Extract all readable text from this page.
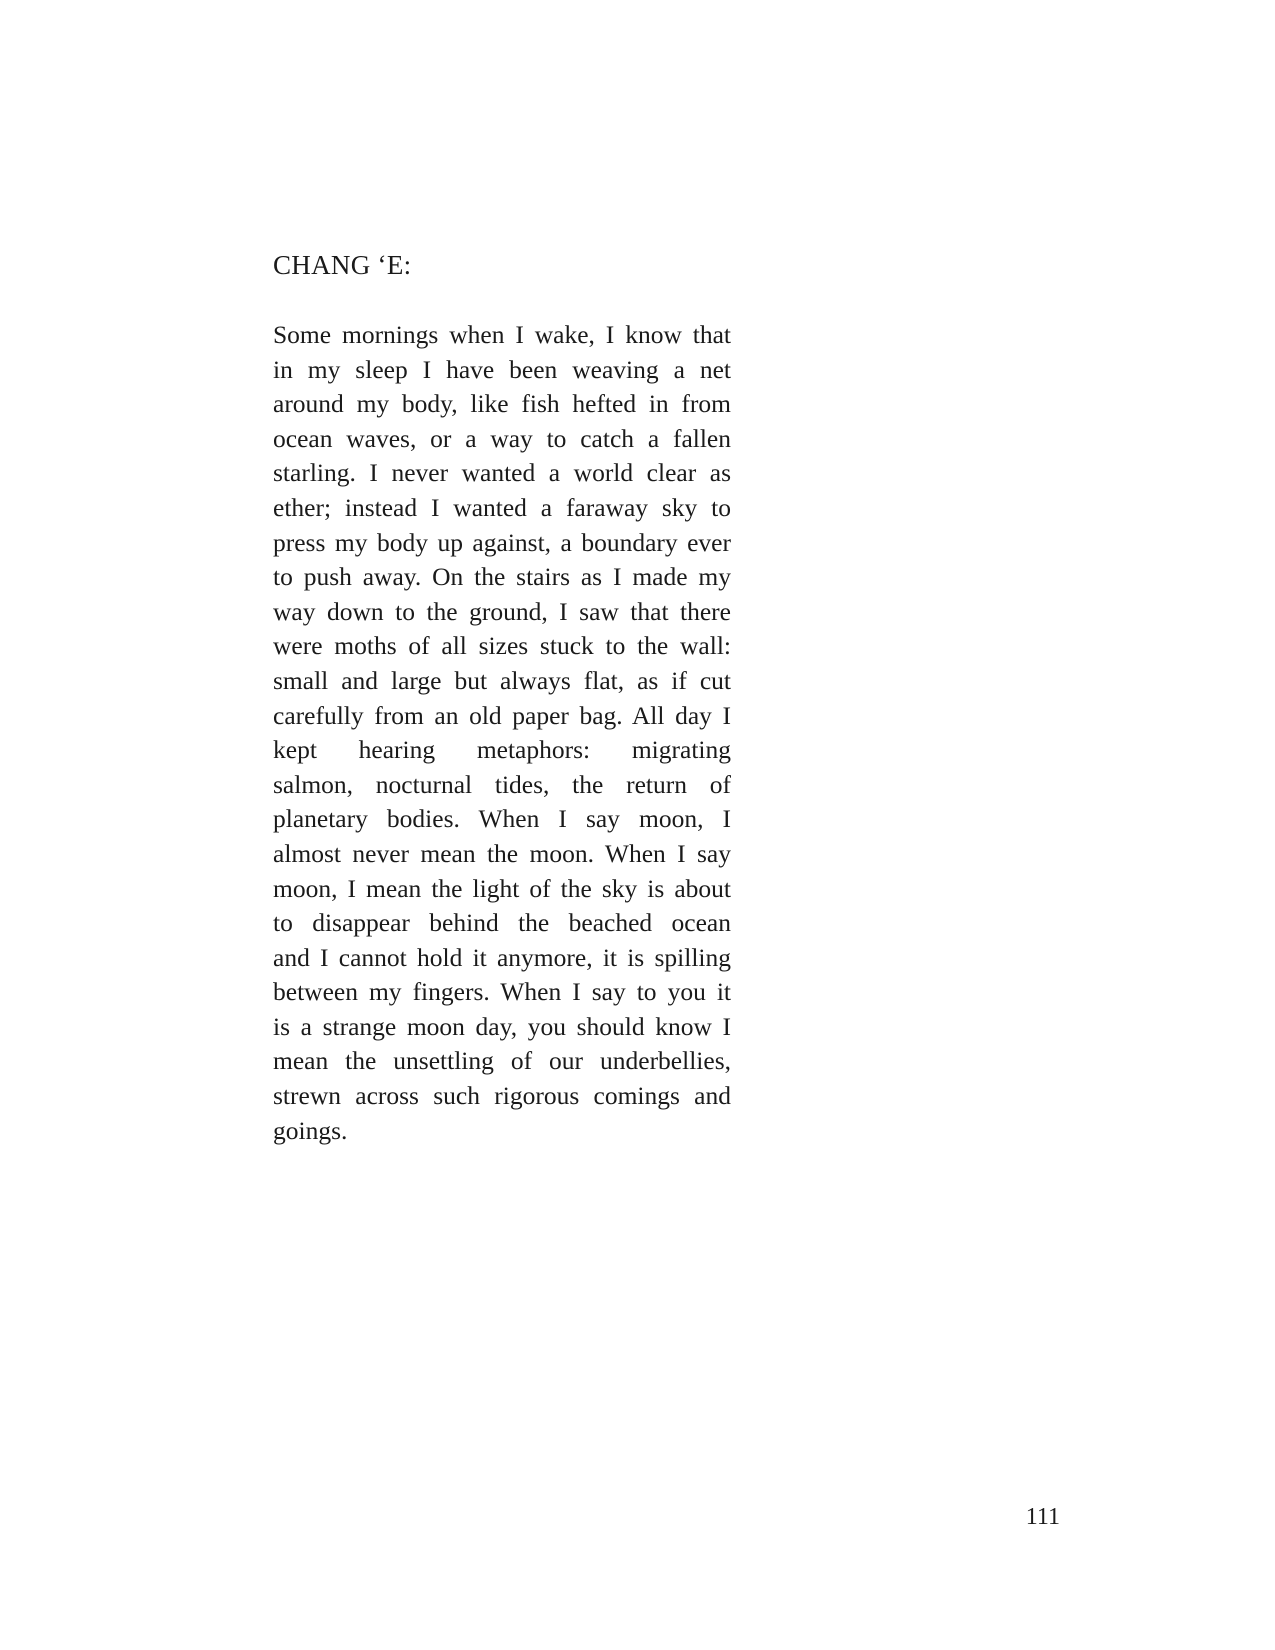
CHANG ‘E:
Some mornings when I wake, I know that
in my sleep I have been weaving a net
around my body, like fish hefted in from
ocean waves, or a way to catch a fallen
starling. I never wanted a world clear as
ether; instead I wanted a faraway sky to
press my body up against, a boundary ever
to push away. On the stairs as I made my
way down to the ground, I saw that there
were moths of all sizes stuck to the wall:
small and large but always flat, as if cut
carefully from an old paper bag. All day I
kept hearing metaphors: migrating
salmon, nocturnal tides, the return of
planetary bodies. When I say moon, I
almost never mean the moon. When I say
moon, I mean the light of the sky is about
to disappear behind the beached ocean
and I cannot hold it anymore, it is spilling
between my fingers. When I say to you it
is a strange moon day, you should know I
mean the unsettling of our underbellies,
strewn across such rigorous comings and
goings.
111
